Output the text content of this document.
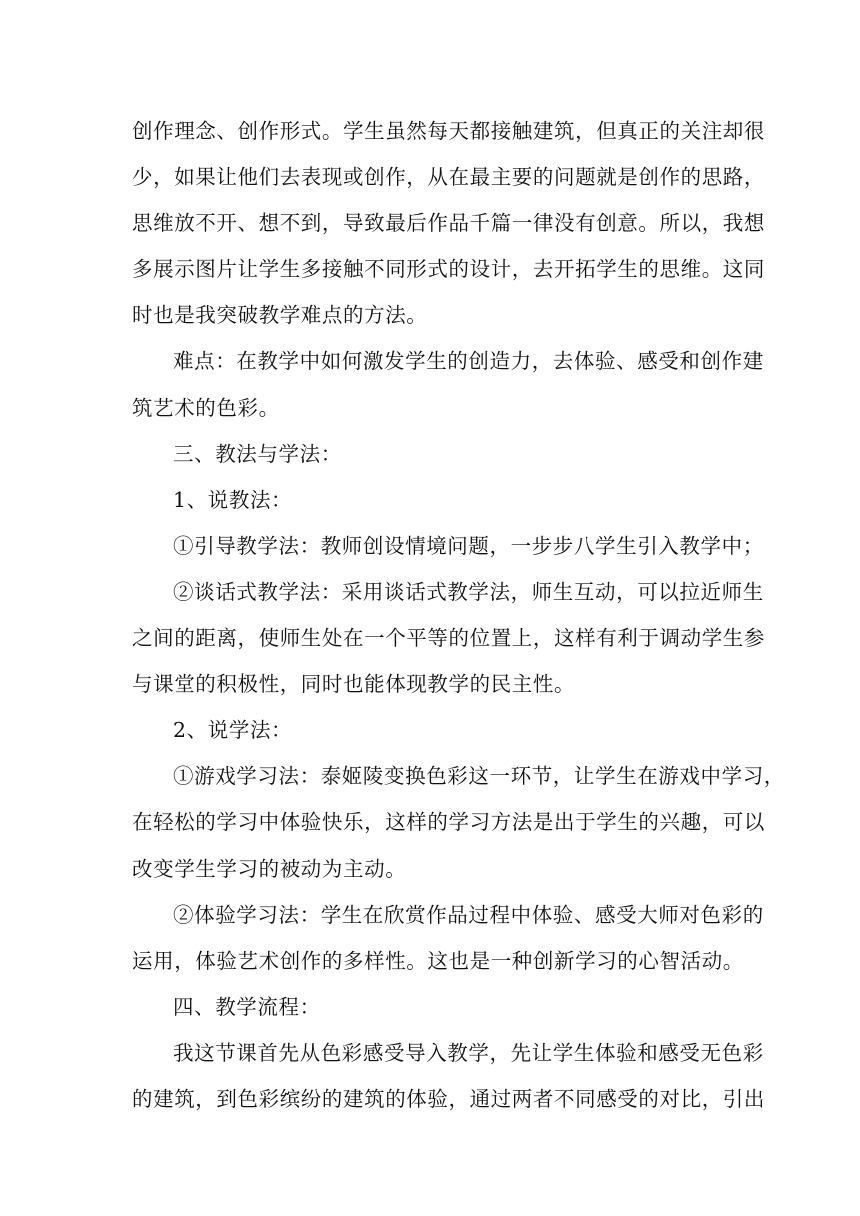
创作理念、创作形式。学生虽然每天都接触建筑，但真正的关注却很
少，如果让他们去表现或创作，从在最主要的问题就是创作的思路，
思维放不开、想不到，导致最后作品千篇一律没有创意。所以，我想
多展示图片让学生多接触不同形式的设计，去开拓学生的思维。这同
时也是我突破教学难点的方法。
难点：在教学中如何激发学生的创造力，去体验、感受和创作建
筑艺术的色彩。
三、教法与学法：
1、说教法：
①引导教学法：教师创设情境问题，一步步八学生引入教学中；
②谈话式教学法：采用谈话式教学法，师生互动，可以拉近师生
之间的距离，使师生处在一个平等的位置上，这样有利于调动学生参
与课堂的积极性，同时也能体现教学的民主性。
2、说学法：
①游戏学习法：泰姬陵变换色彩这一环节，让学生在游戏中学习，
在轻松的学习中体验快乐，这样的学习方法是出于学生的兴趣，可以
改变学生学习的被动为主动。
②体验学习法：学生在欣赏作品过程中体验、感受大师对色彩的
运用，体验艺术创作的多样性。这也是一种创新学习的心智活动。
四、教学流程：
我这节课首先从色彩感受导入教学，先让学生体验和感受无色彩
的建筑，到色彩缤纷的建筑的体验，通过两者不同感受的对比，引出
